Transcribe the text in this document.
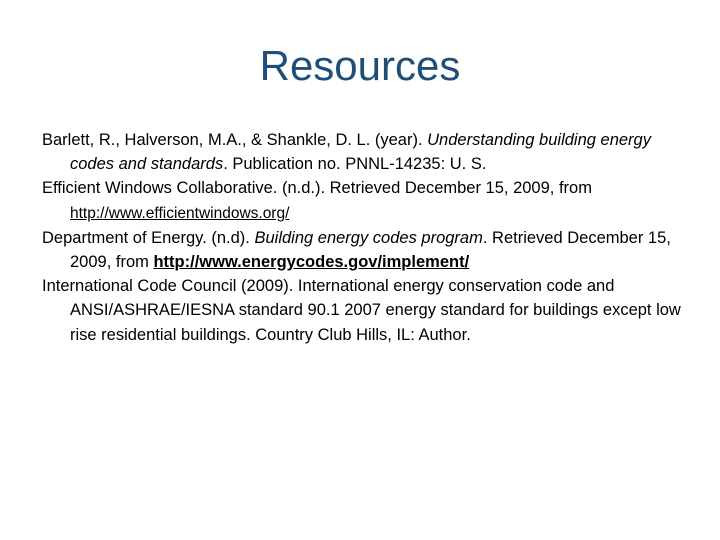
Resources
Barlett, R., Halverson, M.A., & Shankle, D. L. (year). Understanding building energy codes and standards. Publication no. PNNL-14235: U. S.
Efficient Windows Collaborative. (n.d.). Retrieved December 15, 2009, from http://www.efficientwindows.org/
Department of Energy. (n.d). Building energy codes program. Retrieved December 15, 2009, from http://www.energycodes.gov/implement/
International Code Council (2009). International energy conservation code and ANSI/ASHRAE/IESNA standard 90.1 2007 energy standard for buildings except low rise residential buildings. Country Club Hills, IL: Author.
